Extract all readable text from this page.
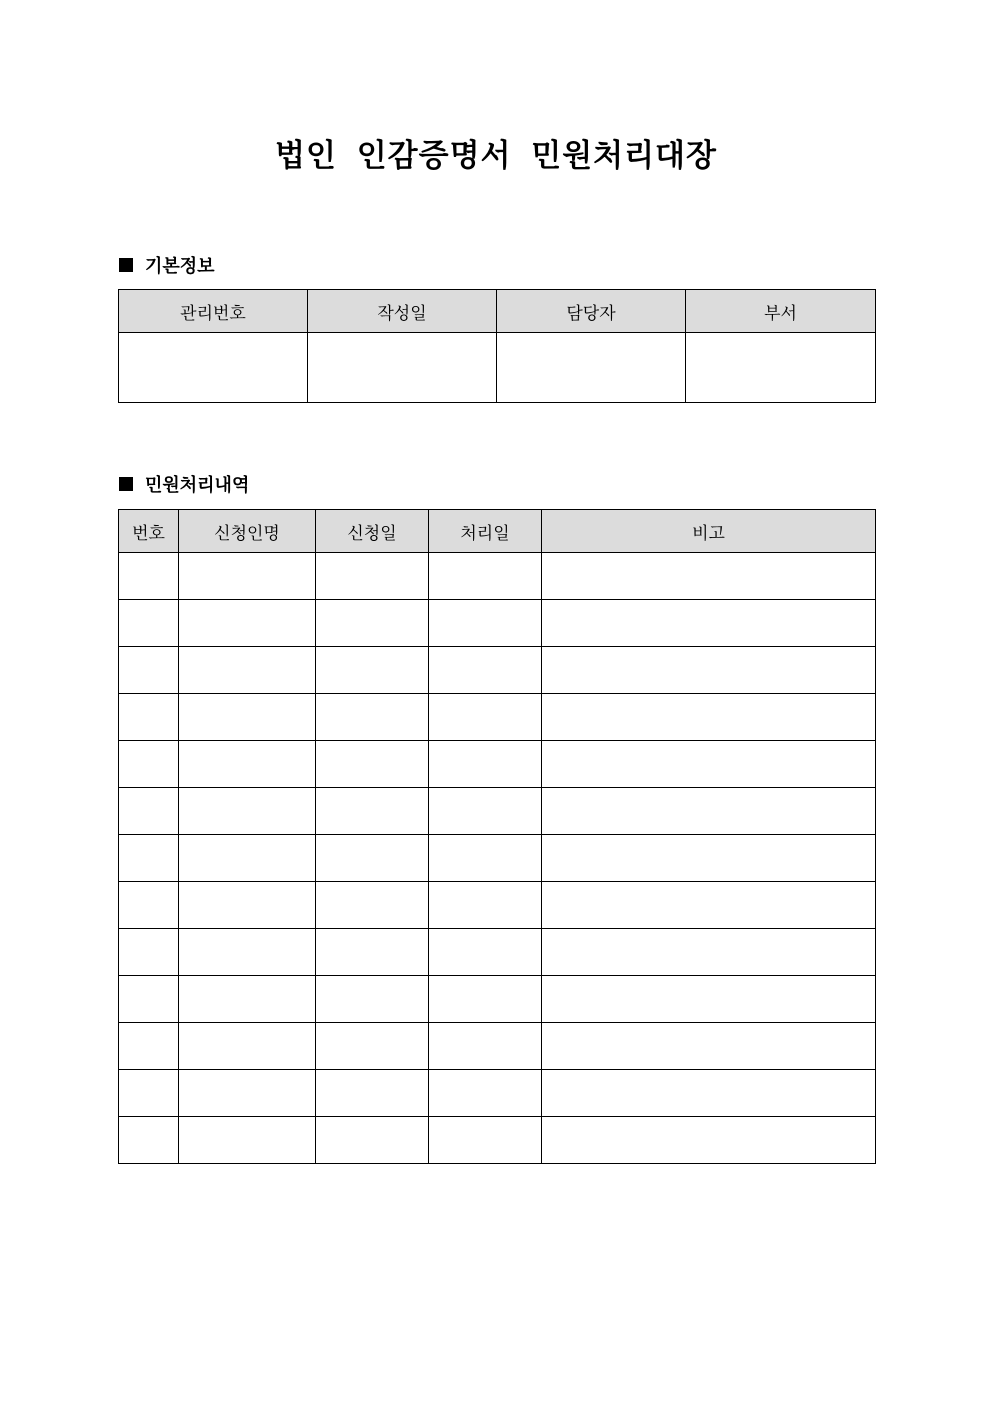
법인 인감증명서 민원처리대장
기본정보
관리번호	작성일	담당자	부서

민원처리내역
번호	신청인명	신청일	처리일	비고
